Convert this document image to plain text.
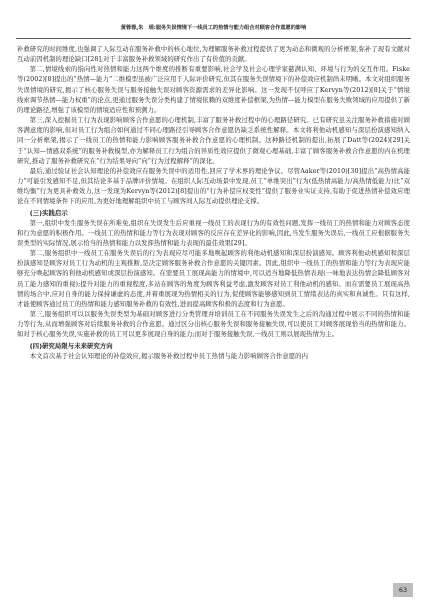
黄蓉蓉,朱　瑶:服务失误情境下一线员工的热情与能力组合对顾客合作意愿的影响

补救研究的时间维度,也强调了人际互动在服务补救中的核心地位,为理解服务补救过程提供了更为动态和微观的分析框架,弥补了现有文献对互动前因机制的理论缺口[28],对于丰富服务补救领域的研究作出了有价值的贡献。

第二,情境线索的指向性对热情和能力这两个维度的推断有重要影响,社会学及社会心理学家慈满认知、环境与行为的交互作用。Fiske等(2002)[8]提出的“热情—能力”二维模型虽被广泛应用于人际评价研究,但其在服务失误情境下的补偿效应机制尚未明晰。本文对组织服务失误情境的研究,揭示了核心服务失误与服务接触失误对顾客资源需求的差异化影响。这一发现不仅呼应了Kervyn等(2012)[8]关于“情境线索调节热情—能力权重”的论点,更通过服务失误分类构建了情境依赖的双维度补偿框架,为热情—能力模型在服务失败领域的应用提供了新的理论路径,增强了该模型的情境适应性和预测力。

第三,深入挖掘员工行为表现影响顾客合作意愿的心理机制,丰富了服务补救过程中的心理路径研究。已有研究虽关注服务补救措施对顾客满意度的影响,但对员工行为组合如何通过不同心理路径引导顾客合作意愿仍缺乏系统性解释。本文将利他动机感知与深层扮演感知纳入同一分析框架,揭示了一线员工的热情和能力影响顾客服务补救合作意愿的心理机制。这种路径机制的提出,拓展了Datt等(2024)[29]关于“认知—情感双系统”的服务补救模型,亦为解释员工行为组合的异质性效应提供了微观心理基础,丰富了顾客服务补救合作意愿的内在机理研究,推动了服务补救研究在“行为结果导向”向“行为过程解释”的深化。

最后,通过验证社会认知理论的补偿效应在服务失误中的适用性,回应了学术界的理论争议。尽管Aaker等(2010)[30]提出“高热情高能力”可能引发感知不足,但其结论多基于品牌评价情境。在组织人际互动场景中发现,员工“单维突出”行为(低热情高能力/高热情低能力)比“双维均衡”行为更具补救效力,这一发现为Kervyn等(2012)[8]提出的“行为补偿应权变性”提供了服务业实证支持,有助于促进热情补偿效应理论在不同情境条件下的应用,为更好地理解组织中员工与顾客间人际互动提供理论支撑。

(三)实践启示

第一,组织中发生服务失误在所难免,组织在失误发生后应重视一线员工的表现行为的有效性问题,发挥一线员工的热情和能力对顾客态度和行为意愿的积极作用。一线员工的热情和能力等行为表现对顾客的反应存在差异化的影响,因此,当发生服务失误后,一线员工应根据服务失误类型的实际情况,展示恰当的热情和能力以发挥热情和能力表现的最佳效果[29]。

第二,服务组织中一线员工在服务失误后的行为表现应尽可能多地唤起顾客的利他动机感知和深层扮演感知。顾客利他动机感知和深层扮演感知是顾客对员工行为动机的主观推断,是决定顾客服务补救合作意愿的关键因素。因此,组织中一线员工的热情和能力等行为表现应能够充分唤起顾客的利他动机感知或深层扮演感知。在需要员工展现高能力的情境中,可以适当地降低热情表现(一味地表达热情会降低顾客对员工能力感知的重视);提升对能力的重视程度,多站在顾客的角度为顾客利益考虑,激发顾客对员工利他动机的感知。而在需要员工展现高热情的场合中,应对自身的能力保持谦虚的态度,并着重展现为热情相关的行为,促使顾客能够感知到员工情绪表达的真实和真诚性。只有这样,才能使顾客通过员工的热情和能力感知服务补救的有效性,进而提高顾客积极的态度和行为意愿。

第三,服务组织可以以服务失误类型为基础对顾客进行分类管理并培训员工在不同服务失误发生之后的沟通过程中展示不同的热情和能力等行为,从而增强顾客对后续服务补救的合作意愿。通过区分出核心服务失误和服务接触失误,可以使员工对顾客展现恰当的热情和能力。如对于核心服务失误,实施补救的员工可以更多展现自身的能力;而对于服务接触失误,一线员工则以展现热情为主。

(四)研究局限与未来研究方向

本文首次基于社会认知理论的补偿效应,揭示服务补救过程中员工热情与能力影响顾客合作意愿的内

63
